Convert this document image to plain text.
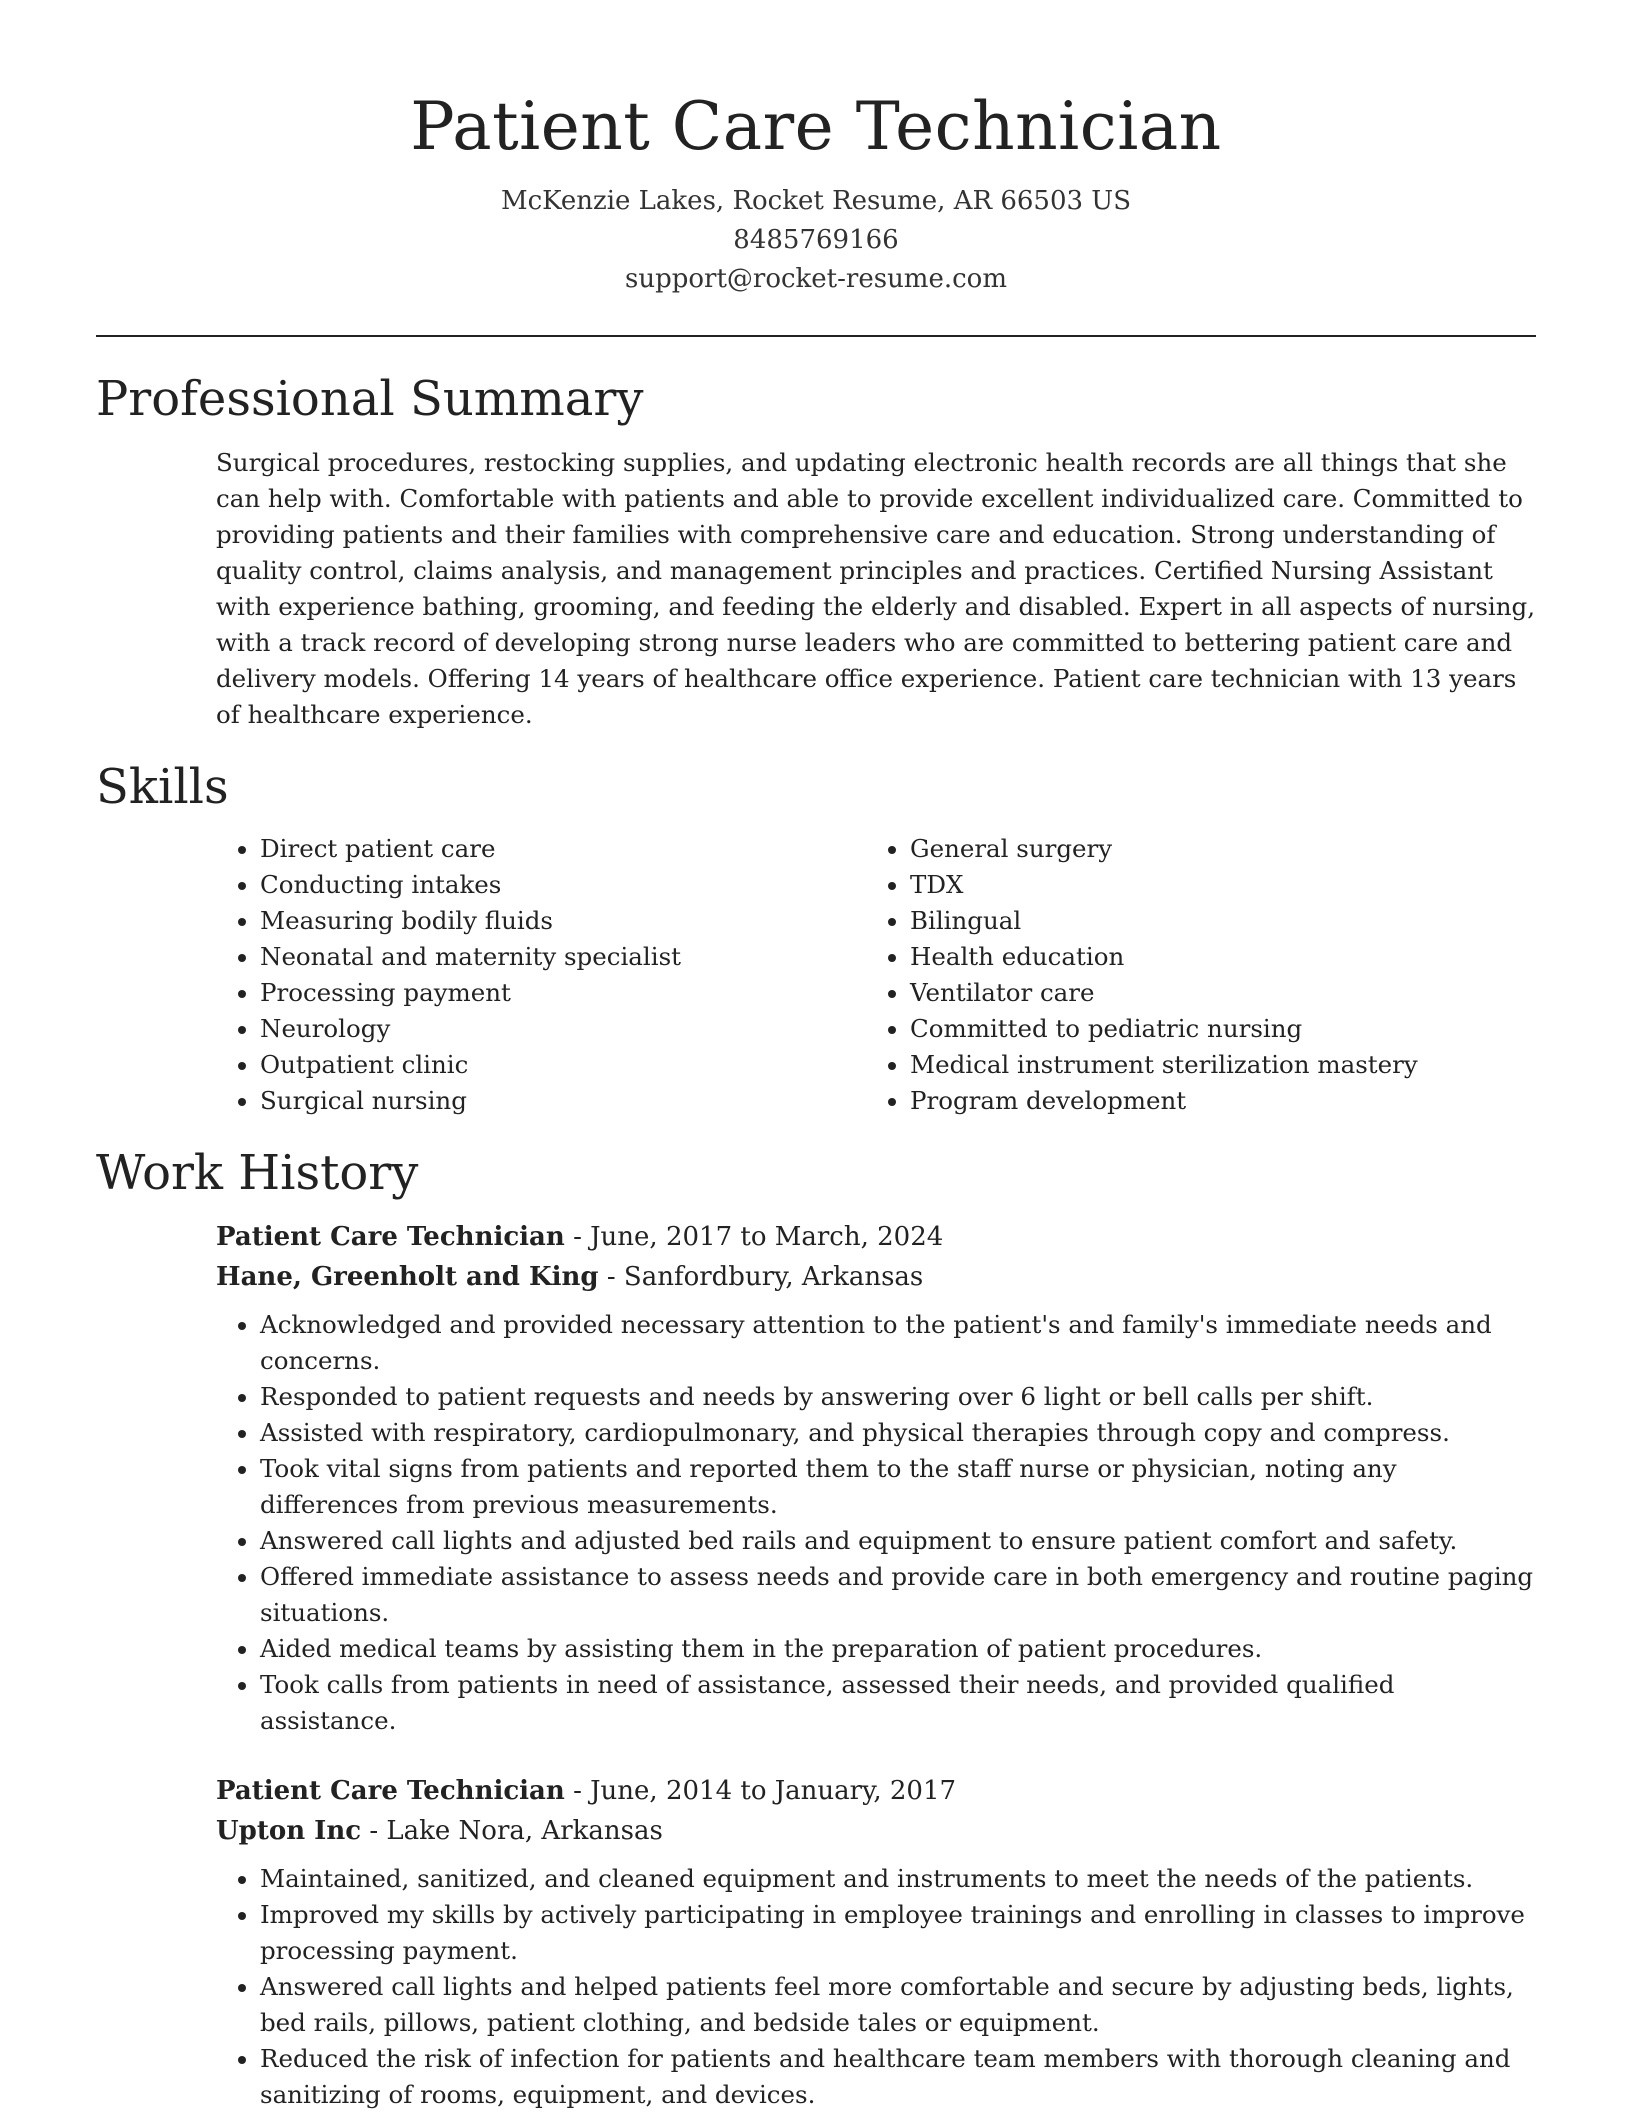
Patient Care Technician
McKenzie Lakes, Rocket Resume, AR 66503 US
8485769166
support@rocket-resume.com
Professional Summary

Surgical procedures, restocking supplies, and updating electronic health records are all things that she can help with. Comfortable with patients and able to provide excellent individualized care. Committed to providing patients and their families with comprehensive care and education. Strong understanding of quality control, claims analysis, and management principles and practices. Certified Nursing Assistant with experience bathing, grooming, and feeding the elderly and disabled. Expert in all aspects of nursing, with a track record of developing strong nurse leaders who are committed to bettering patient care and delivery models. Offering 14 years of healthcare office experience. Patient care technician with 13 years of healthcare experience.

Skills
• Direct patient care
• Conducting intakes
• Measuring bodily fluids
• Neonatal and maternity specialist
• Processing payment
• Neurology
• Outpatient clinic
• Surgical nursing
• General surgery
• TDX
• Bilingual
• Health education
• Ventilator care
• Committed to pediatric nursing
• Medical instrument sterilization mastery
• Program development
Work History
Patient Care Technician - June, 2017 to March, 2024
Hane, Greenholt and King - Sanfordbury, Arkansas
• Acknowledged and provided necessary attention to the patient's and family's immediate needs and concerns.
• Responded to patient requests and needs by answering over 6 light or bell calls per shift.
• Assisted with respiratory, cardiopulmonary, and physical therapies through copy and compress.
• Took vital signs from patients and reported them to the staff nurse or physician, noting any differences from previous measurements.
• Answered call lights and adjusted bed rails and equipment to ensure patient comfort and safety.
• Offered immediate assistance to assess needs and provide care in both emergency and routine paging situations.
• Aided medical teams by assisting them in the preparation of patient procedures.
• Took calls from patients in need of assistance, assessed their needs, and provided qualified assistance.
Patient Care Technician - June, 2014 to January, 2017
Upton Inc - Lake Nora, Arkansas
• Maintained, sanitized, and cleaned equipment and instruments to meet the needs of the patients.
• Improved my skills by actively participating in employee trainings and enrolling in classes to improve processing payment.
• Answered call lights and helped patients feel more comfortable and secure by adjusting beds, lights, bed rails, pillows, patient clothing, and bedside tales or equipment.
• Reduced the risk of infection for patients and healthcare team members with thorough cleaning and sanitizing of rooms, equipment, and devices.
